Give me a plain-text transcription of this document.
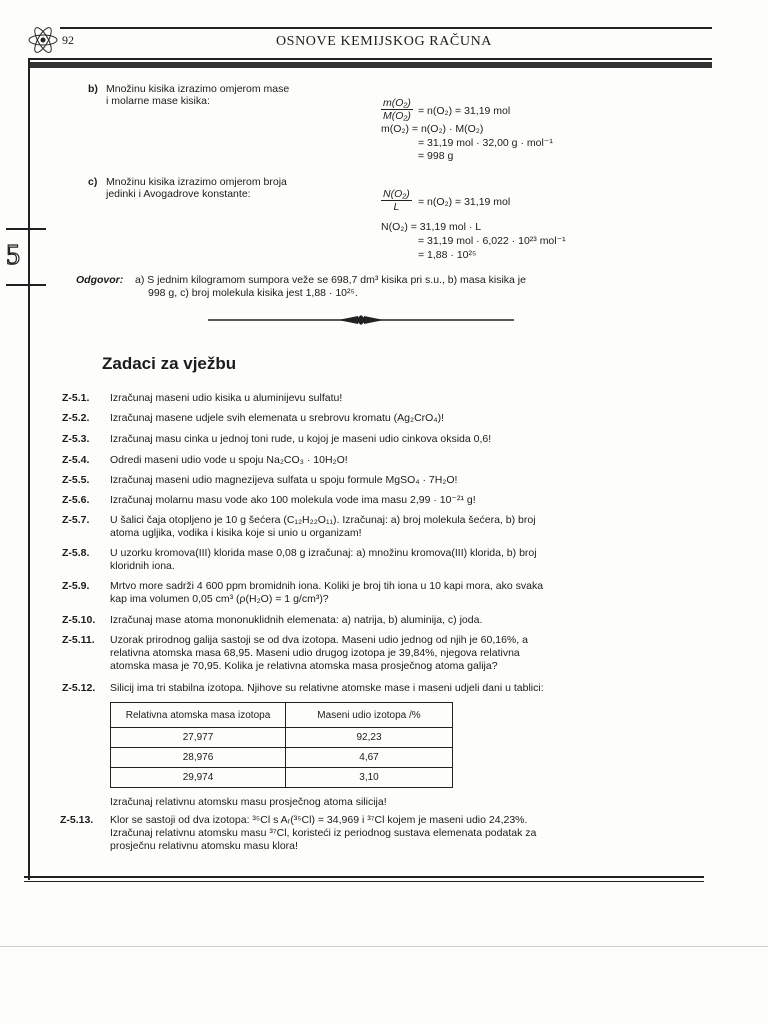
92	OSNOVE KEMIJSKOG RAČUNA
5
b) Množinu kisika izrazimo omjerom mase
i molarne mase kisika:	$\frac{\text{m(O₂)}}{\text{M(O₂)}} = n(O_2) = 31,19$ mol
m(O₂) = n(O₂) · M(O₂)
= 31,19 mol · 32,00 g · mol⁻¹
= 998 g
c) Množinu kisika izrazimo omjerom broja
jedinki i Avogadrove konstante:	$\frac{\text{N(O₂)}}{L} = n(O_2) = 31,19$ mol
N(O₂) = 31,19 mol · L
= 31,19 mol · 6,022 · 10²³ mol⁻¹
= 1,88 · 10²⁵
Odgovor: a) S jednim kilogramom sumpora veže se 698,7 dm³ kisika pri s.u., b) masa kisika je
998 g, c) broj molekula kisika jest 1,88 · 10²⁵.
Zadaci za vježbu
Z-5.1. Izračunaj maseni udio kisika u aluminijevu sulfatu!
Z-5.2. Izračunaj masene udjele svih elemenata u srebrovu kromatu (Ag₂CrO₄)!
Z-5.3. Izračunaj masu cinka u jednoj toni rude, u kojoj je maseni udio cinkova oksida 0,6!
Z-5.4. Odredi maseni udio vode u spoju Na₂CO₃ · 10H₂O!
Z-5.5. Izračunaj maseni udio magnezijeva sulfata u spoju formule MgSO₄ · 7H₂O!
Z-5.6. Izračunaj molarnu masu vode ako 100 molekula vode ima masu 2,99 · 10⁻²¹ g!
Z-5.7. U šalici čaja otopljeno je 10 g šećera (C₁₂H₂₂O₁₁). Izračunaj: a) broj molekula šećera, b) broj
atoma ugljika, vodika i kisika koje si unio u organizam!
Z-5.8. U uzorku kromova(III) klorida mase 0,08 g izračunaj: a) množinu kromova(III) klorida, b) broj
kloridnih iona.
Z-5.9. Mrtvo more sadrži 4 600 ppm bromidnih iona. Koliki je broj tih iona u 10 kapi mora, ako svaka
kap ima volumen 0,05 cm³ (ρ(H₂O) = 1 g/cm³)?
Z-5.10. Izračunaj mase atoma mononuklidnih elemenata: a) natrija, b) aluminija, c) joda.
Z-5.11. Uzorak prirodnog galija sastoji se od dva izotopa. Maseni udio jednog od njih je 60,16%, a
relativna atomska masa 68,95. Maseni udio drugog izotopa je 39,84%, njegova relativna
atomska masa je 70,95. Kolika je relativna atomska masa prosječnog atoma galija?
Z-5.12. Silicij ima tri stabilna izotopa. Njihove su relativne atomske mase i maseni udjeli dani u tablici:
Relativna atomska masa izotopa	Maseni udio izotopa /%
27,977	92,23
28,976	4,67
29,974	3,10
Izračunaj relativnu atomsku masu prosječnog atoma silicija!
Z-5.13. Klor se sastoji od dva izotopa: ³⁵Cl s Aᵣ(³⁵Cl) = 34,969 i ³⁷Cl kojem je maseni udio 24,23%.
Izračunaj relativnu atomsku masu ³⁷Cl, koristeći iz periodnog sustava elemenata podatak za
prosječnu relativnu atomsku masu klora!
